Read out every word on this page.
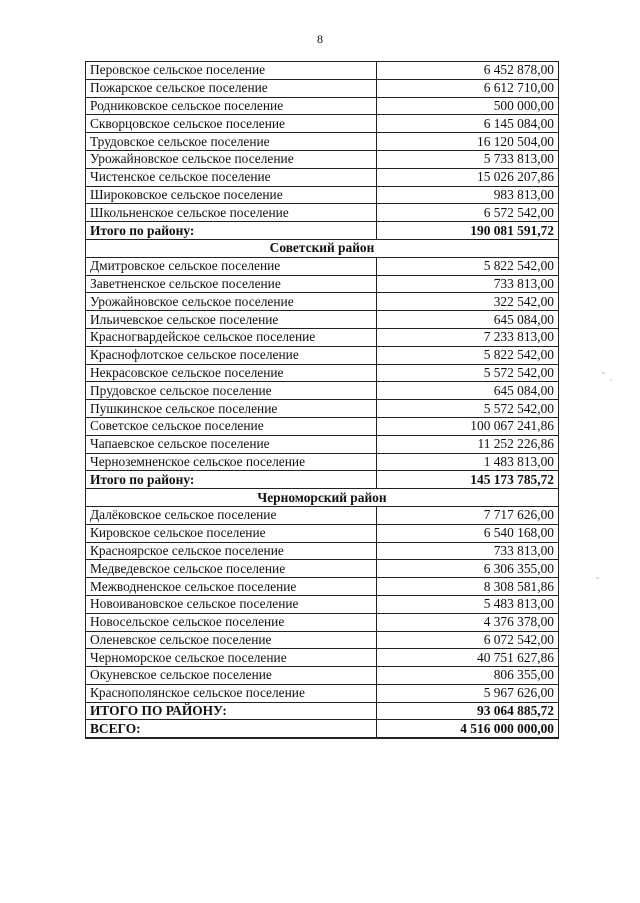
8
Перовское сельское поселение	6 452 878,00
Пожарское сельское поселение	6 612 710,00
Родниковское сельское поселение	500 000,00
Скворцовское сельское поселение	6 145 084,00
Трудовское сельское поселение	16 120 504,00
Урожайновское сельское поселение	5 733 813,00
Чистенское сельское поселение	15 026 207,86
Широковское сельское поселение	983 813,00
Школьненское сельское поселение	6 572 542,00
Итого по району:	190 081 591,72
Советский район	
Дмитровское сельское поселение	5 822 542,00
Заветненское сельское поселение	733 813,00
Урожайновское сельское поселение	322 542,00
Ильичевское сельское поселение	645 084,00
Красногвардейское сельское поселение	7 233 813,00
Краснофлотское сельское поселение	5 822 542,00
Некрасовское сельское поселение	5 572 542,00
Прудовское сельское поселение	645 084,00
Пушкинское сельское поселение	5 572 542,00
Советское сельское поселение	100 067 241,86
Чапаевское сельское поселение	11 252 226,86
Черноземненское сельское поселение	1 483 813,00
Итого по району:	145 173 785,72
Черноморский район	
Далёковское сельское поселение	7 717 626,00
Кировское сельское поселение	6 540 168,00
Красноярское сельское поселение	733 813,00
Медведевское сельское поселение	6 306 355,00
Межводненское сельское поселение	8 308 581,86
Новоивановское сельское поселение	5 483 813,00
Новосельское сельское поселение	4 376 378,00
Оленевское сельское поселение	6 072 542,00
Черноморское сельское поселение	40 751 627,86
Окуневское сельское поселение	806 355,00
Краснополянское сельское поселение	5 967 626,00
ИТОГО ПО РАЙОНУ:	93 064 885,72
ВСЕГО:	4 516 000 000,00
